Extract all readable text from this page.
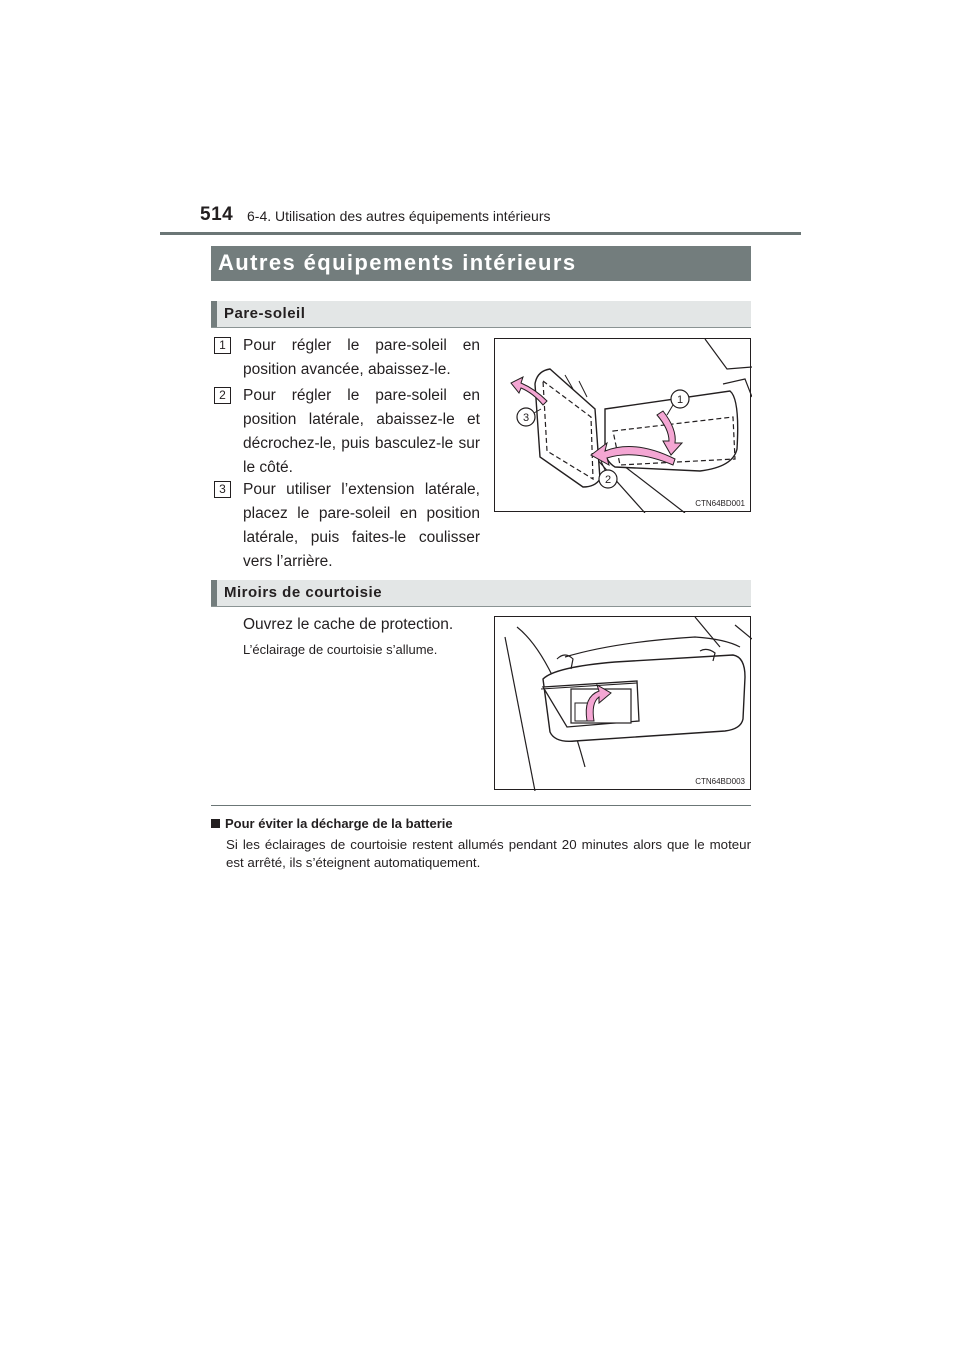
514 6-4. Utilisation des autres équipements intérieurs
Autres équipements intérieurs
Pare-soleil
1	Pour régler le pare-soleil en position avancée, abaissez-le.
2	Pour régler le pare-soleil en position latérale, abaissez-le et décrochez-le, puis basculez-le sur le côté.
3	Pour utiliser l’extension latérale, placez le pare-soleil en position latérale, puis faites-le coulisser vers l’arrière.
1
2
3
CTN64BD001
Miroirs de courtoisie
Ouvrez le cache de protection.
L’éclairage de courtoisie s’allume.
CTN64BD003
Pour éviter la décharge de la batterie
Si les éclairages de courtoisie restent allumés pendant 20 minutes alors que le moteur est arrêté, ils s’éteignent automatiquement.
